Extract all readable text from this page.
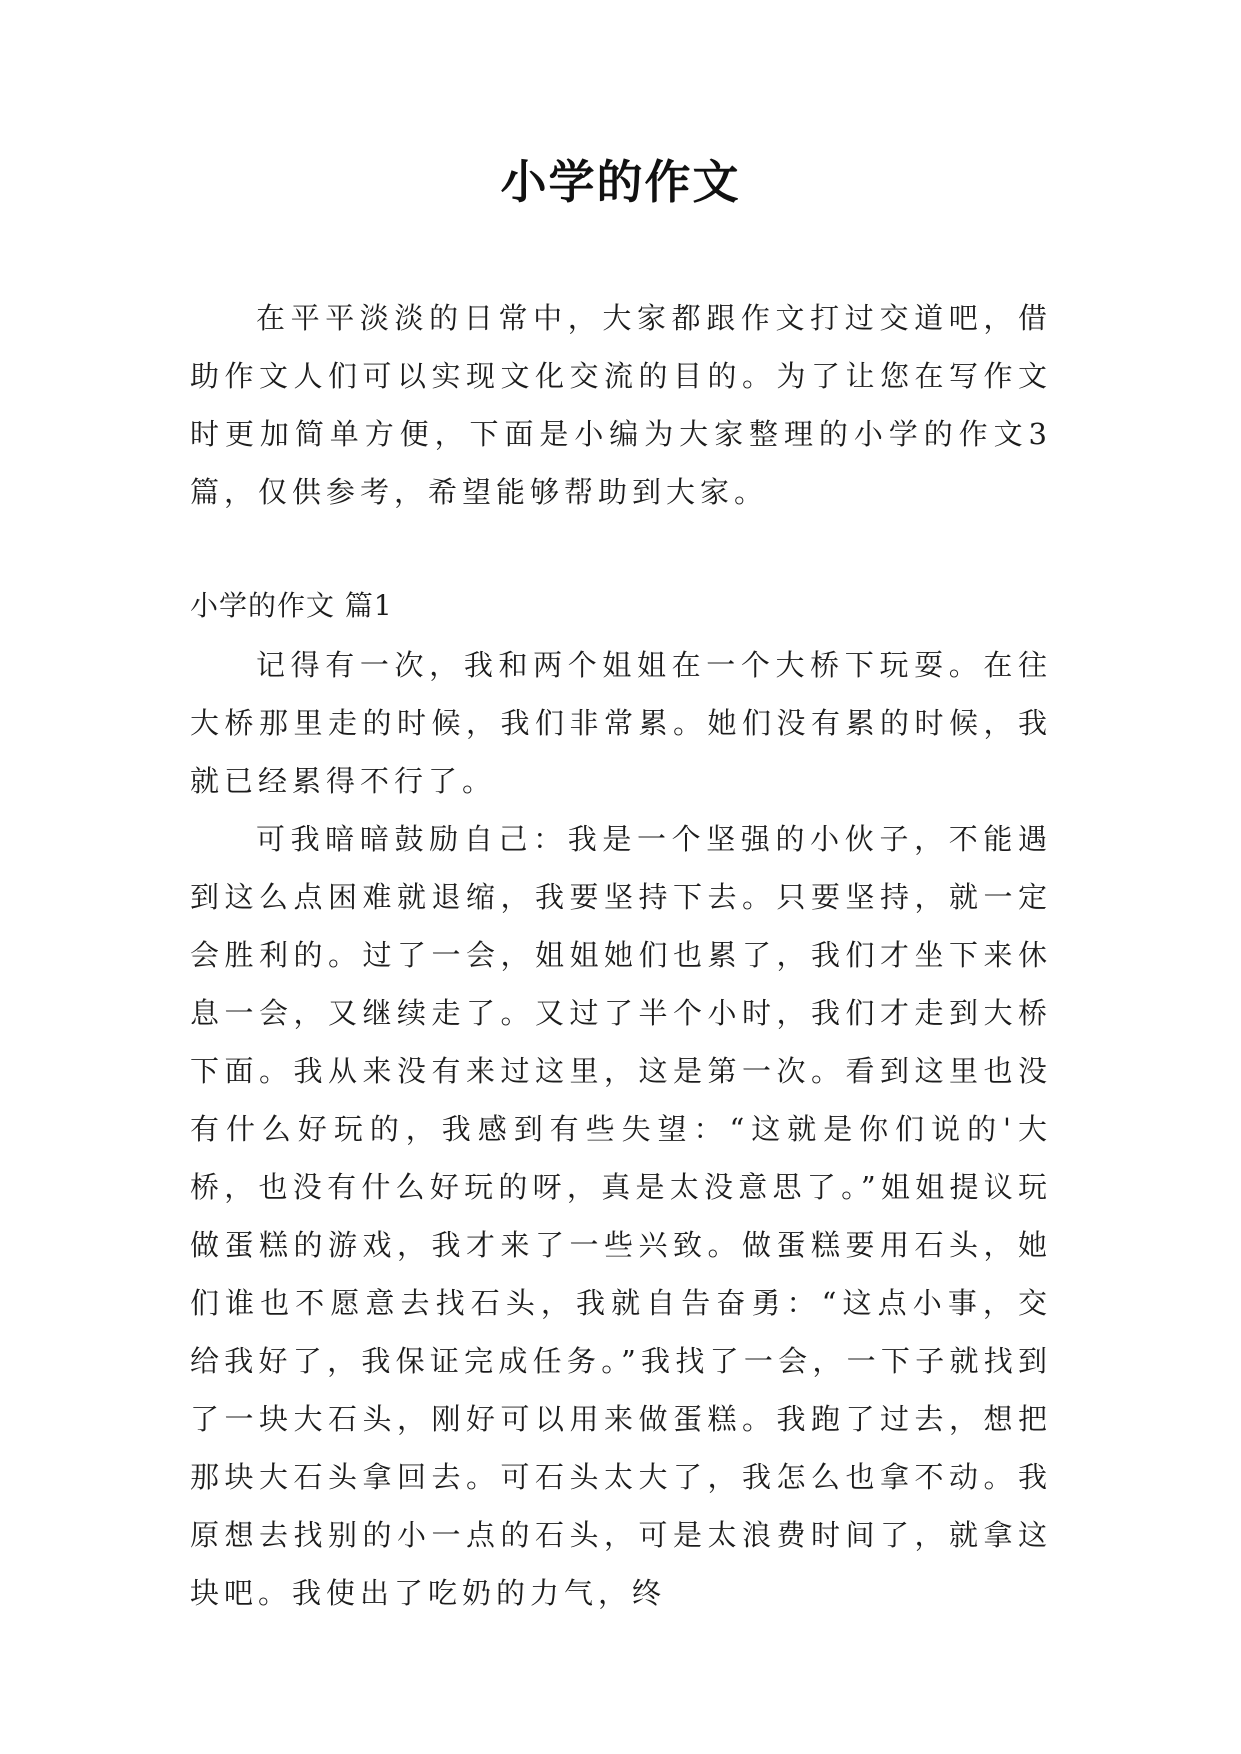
小学的作文

在平平淡淡的日常中，大家都跟作文打过交道吧，借助作文人们可以实现文化交流的目的。为了让您在写作文时更加简单方便，下面是小编为大家整理的小学的作文3篇，仅供参考，希望能够帮助到大家。

小学的作文 篇1

记得有一次，我和两个姐姐在一个大桥下玩耍。在往大桥那里走的时候，我们非常累。她们没有累的时候，我就已经累得不行了。

可我暗暗鼓励自己：我是一个坚强的小伙子，不能遇到这么点困难就退缩，我要坚持下去。只要坚持，就一定会胜利的。过了一会，姐姐她们也累了，我们才坐下来休息一会，又继续走了。又过了半个小时，我们才走到大桥下面。我从来没有来过这里，这是第一次。看到这里也没有什么好玩的，我感到有些失望：“这就是你们说的'大桥，也没有什么好玩的呀，真是太没意思了。”姐姐提议玩做蛋糕的游戏，我才来了一些兴致。做蛋糕要用石头，她们谁也不愿意去找石头，我就自告奋勇：“这点小事，交给我好了，我保证完成任务。”我找了一会，一下子就找到了一块大石头，刚好可以用来做蛋糕。我跑了过去，想把那块大石头拿回去。可石头太大了，我怎么也拿不动。我原想去找别的小一点的石头，可是太浪费时间了，就拿这块吧。我使出了吃奶的力气，终
